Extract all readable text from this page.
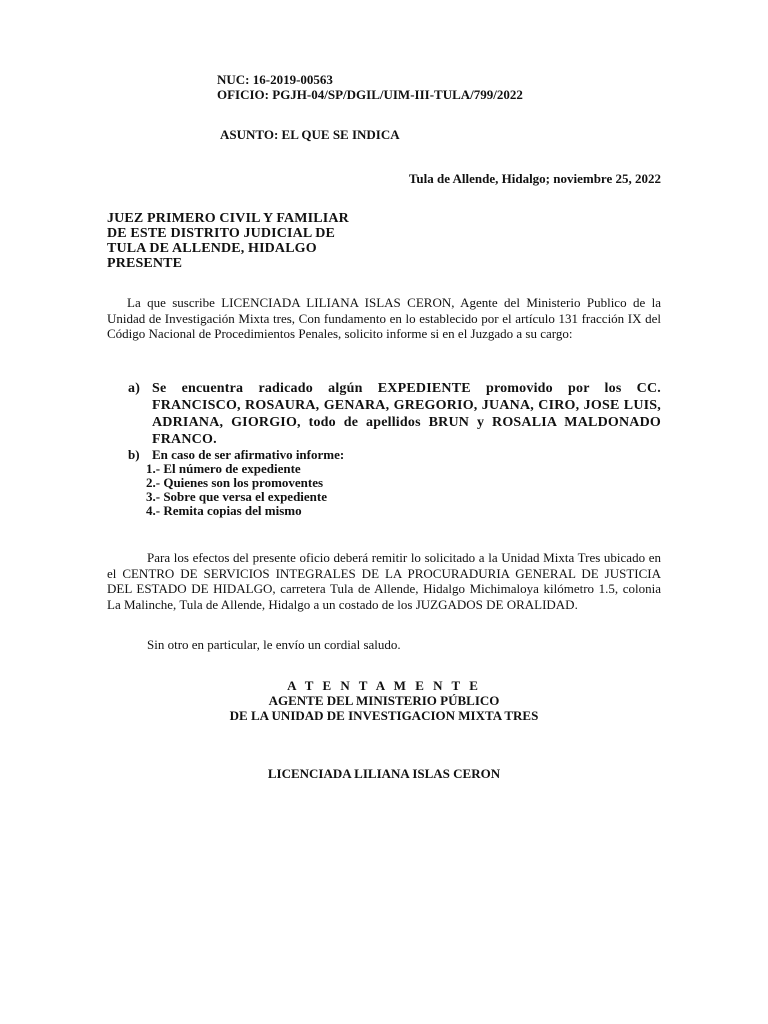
NUC: 16-2019-00563
OFICIO: PGJH-04/SP/DGIL/UIM-III-TULA/799/2022
ASUNTO: EL QUE SE INDICA
Tula de Allende, Hidalgo; noviembre 25, 2022
JUEZ PRIMERO CIVIL Y FAMILIAR
DE ESTE DISTRITO JUDICIAL DE
TULA DE ALLENDE, HIDALGO
PRESENTE

La que suscribe LICENCIADA LILIANA ISLAS CERON, Agente del Ministerio Publico de la Unidad de Investigación Mixta tres, Con fundamento en lo establecido por el artículo 131 fracción IX del Código Nacional de Procedimientos Penales, solicito informe si en el Juzgado a su cargo:

a) Se encuentra radicado algún EXPEDIENTE promovido por los CC. FRANCISCO, ROSAURA, GENARA, GREGORIO, JUANA, CIRO, JOSE LUIS, ADRIANA, GIORGIO, todo de apellidos BRUN y ROSALIA MALDONADO FRANCO.
b) En caso de ser afirmativo informe:
1.- El número de expediente
2.- Quienes son los promoventes
3.- Sobre que versa el expediente
4.- Remita copias del mismo

Para los efectos del presente oficio deberá remitir lo solicitado a la Unidad Mixta Tres ubicado en el CENTRO DE SERVICIOS INTEGRALES DE LA PROCURADURIA GENERAL DE JUSTICIA DEL ESTADO DE HIDALGO, carretera Tula de Allende, Hidalgo Michimaloya kilómetro 1.5, colonia La Malinche, Tula de Allende, Hidalgo a un costado de los JUZGADOS DE ORALIDAD.

Sin otro en particular, le envío un cordial saludo.
A T E N T A M E N T E
AGENTE DEL MINISTERIO PÚBLICO
DE LA UNIDAD DE INVESTIGACION MIXTA TRES
LICENCIADA LILIANA ISLAS CERON
